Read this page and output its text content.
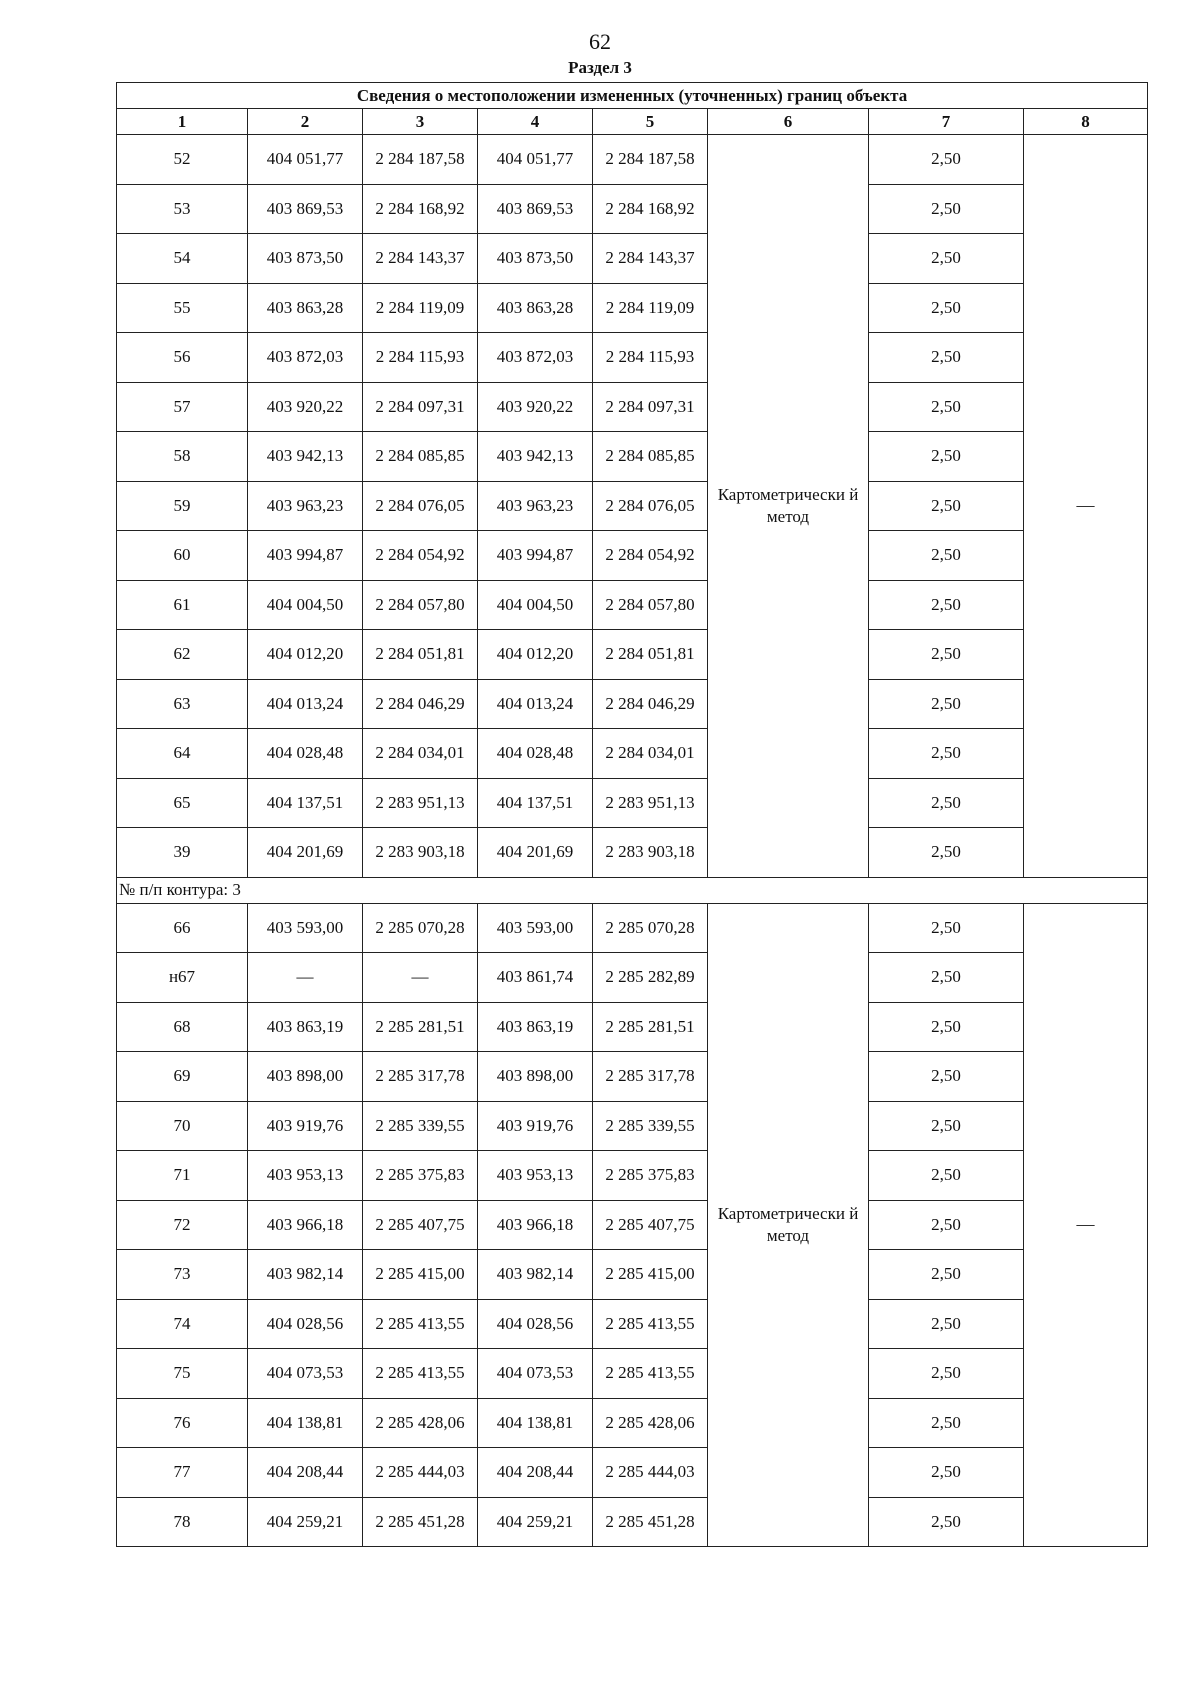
62
Раздел 3
Сведения о местоположении измененных (уточненных) границ объекта							
1	2	3	4	5	6	7	8
52	404 051,77	2 284 187,58	404 051,77	2 284 187,58	Картометрически й метод	2,50	—
53	403 869,53	2 284 168,92	403 869,53	2 284 168,92		2,50	
54	403 873,50	2 284 143,37	403 873,50	2 284 143,37		2,50	
55	403 863,28	2 284 119,09	403 863,28	2 284 119,09		2,50	
56	403 872,03	2 284 115,93	403 872,03	2 284 115,93		2,50	
57	403 920,22	2 284 097,31	403 920,22	2 284 097,31		2,50	
58	403 942,13	2 284 085,85	403 942,13	2 284 085,85		2,50	
59	403 963,23	2 284 076,05	403 963,23	2 284 076,05		2,50	
60	403 994,87	2 284 054,92	403 994,87	2 284 054,92		2,50	
61	404 004,50	2 284 057,80	404 004,50	2 284 057,80		2,50	
62	404 012,20	2 284 051,81	404 012,20	2 284 051,81		2,50	
63	404 013,24	2 284 046,29	404 013,24	2 284 046,29		2,50	
64	404 028,48	2 284 034,01	404 028,48	2 284 034,01		2,50	
65	404 137,51	2 283 951,13	404 137,51	2 283 951,13		2,50	
39	404 201,69	2 283 903,18	404 201,69	2 283 903,18		2,50	
№ п/п контура: 3							
66	403 593,00	2 285 070,28	403 593,00	2 285 070,28	Картометрически й метод	2,50	—
н67	—	—	403 861,74	2 285 282,89		2,50	
68	403 863,19	2 285 281,51	403 863,19	2 285 281,51		2,50	
69	403 898,00	2 285 317,78	403 898,00	2 285 317,78		2,50	
70	403 919,76	2 285 339,55	403 919,76	2 285 339,55		2,50	
71	403 953,13	2 285 375,83	403 953,13	2 285 375,83		2,50	
72	403 966,18	2 285 407,75	403 966,18	2 285 407,75		2,50	
73	403 982,14	2 285 415,00	403 982,14	2 285 415,00		2,50	
74	404 028,56	2 285 413,55	404 028,56	2 285 413,55		2,50	
75	404 073,53	2 285 413,55	404 073,53	2 285 413,55		2,50	
76	404 138,81	2 285 428,06	404 138,81	2 285 428,06		2,50	
77	404 208,44	2 285 444,03	404 208,44	2 285 444,03		2,50	
78	404 259,21	2 285 451,28	404 259,21	2 285 451,28		2,50	
